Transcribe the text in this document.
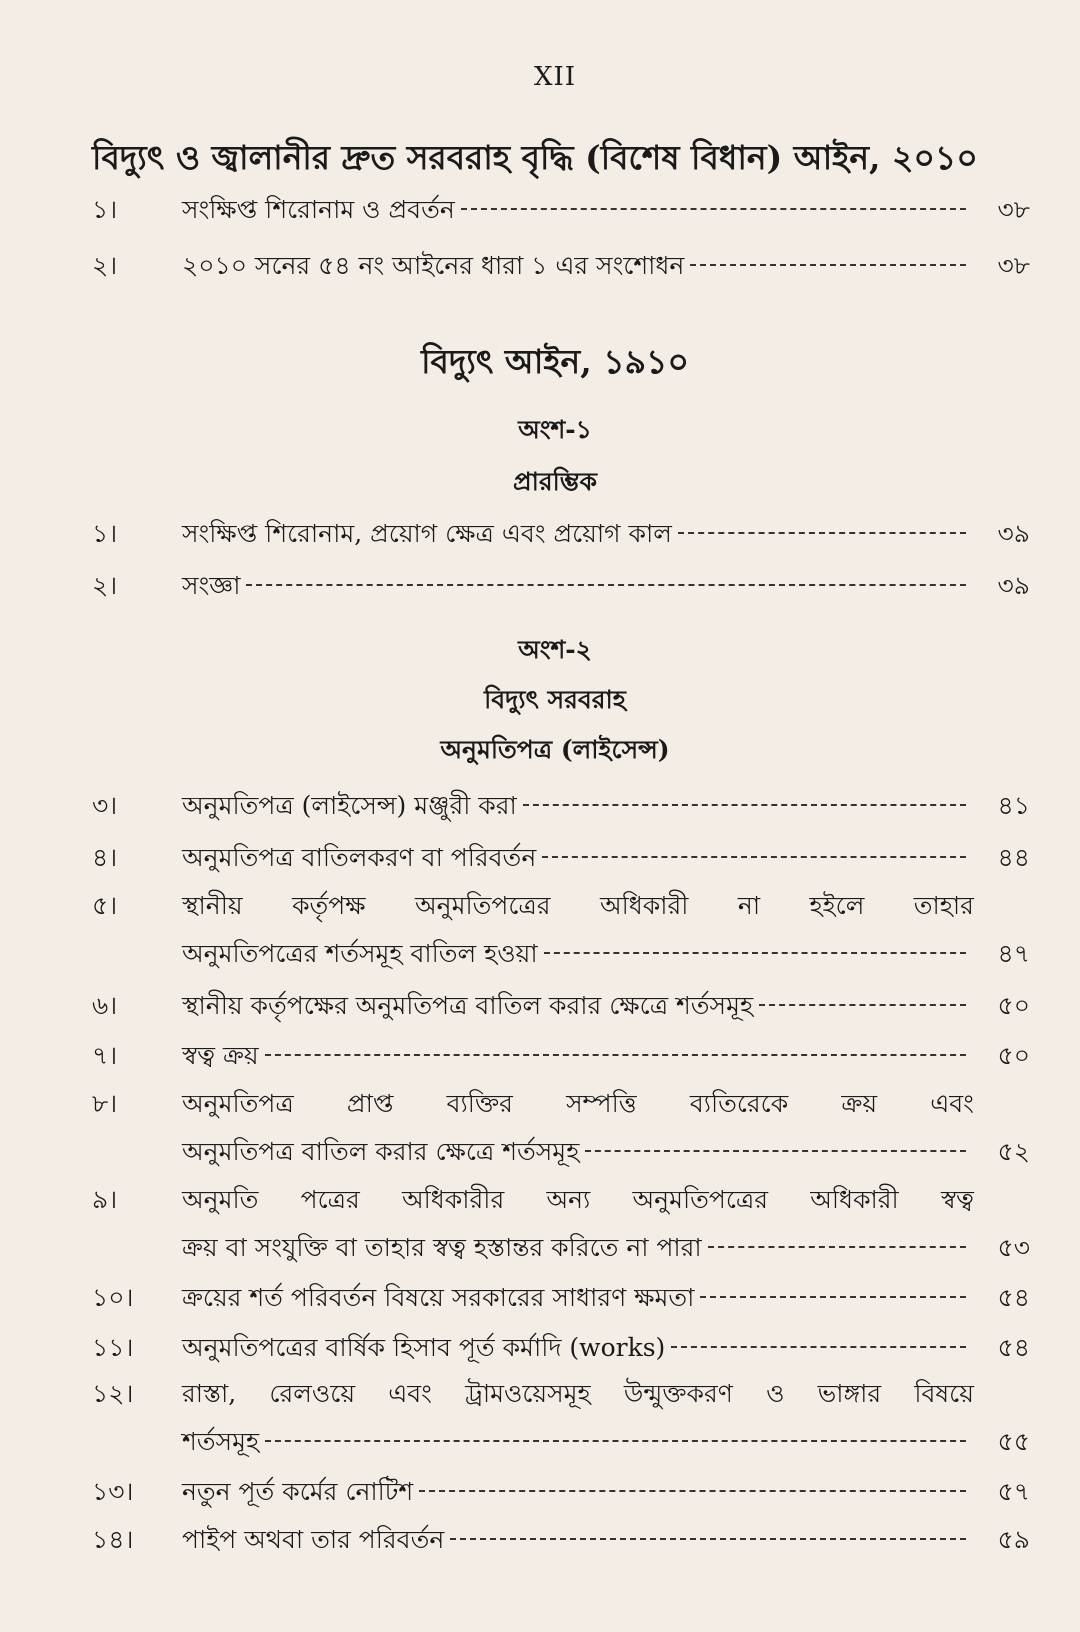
XII
বিদ্যুৎ ও জ্বালানীর দ্রুত সরবরাহ বৃদ্ধি (বিশেষ বিধান) আইন, ২০১০
১।	সংক্ষিপ্ত শিরোনাম ও প্রবর্তন	৩৮
২।	২০১০ সনের ৫৪ নং আইনের ধারা ১ এর সংশোধন	৩৮
বিদ্যুৎ আইন, ১৯১০
অংশ-১
প্রারম্ভিক
১।	সংক্ষিপ্ত শিরোনাম, প্রয়োগ ক্ষেত্র এবং প্রয়োগ কাল	৩৯
২।	সংজ্ঞা	৩৯
অংশ-২
বিদ্যুৎ সরবরাহ
অনুমতিপত্র (লাইসেন্স)
৩।	অনুমতিপত্র (লাইসেন্স) মঞ্জুরী করা	৪১
৪।	অনুমতিপত্র বাতিলকরণ বা পরিবর্তন	৪৪
৫।	স্থানীয় কর্তৃপক্ষ অনুমতিপত্রের অধিকারী না হইলে তাহার
অনুমতিপত্রের শর্তসমূহ বাতিল হওয়া	৪৭
৬।	স্থানীয় কর্তৃপক্ষের অনুমতিপত্র বাতিল করার ক্ষেত্রে শর্তসমূহ	৫০
৭।	স্বত্ব ক্রয়	৫০
৮।	অনুমতিপত্র প্রাপ্ত ব্যক্তির সম্পত্তি ব্যতিরেকে ক্রয় এবং
অনুমতিপত্র বাতিল করার ক্ষেত্রে শর্তসমূহ	৫২
৯।	অনুমতি পত্রের অধিকারীর অন্য অনুমতিপত্রের অধিকারী স্বত্ব
ক্রয় বা সংযুক্তি বা তাহার স্বত্ব হস্তান্তর করিতে না পারা	৫৩
১০।	ক্রয়ের শর্ত পরিবর্তন বিষয়ে সরকারের সাধারণ ক্ষমতা	৫৪
১১।	অনুমতিপত্রের বার্ষিক হিসাব পূর্ত কর্মাদি (works)	৫৪
১২।	রাস্তা, রেলওয়ে এবং ট্রামওয়েসমূহ উন্মুক্তকরণ ও ভাঙ্গার বিষয়ে
শর্তসমূহ	৫৫
১৩।	নতুন পূর্ত কর্মের নোটিশ	৫৭
১৪।	পাইপ অথবা তার পরিবর্তন	৫৯
